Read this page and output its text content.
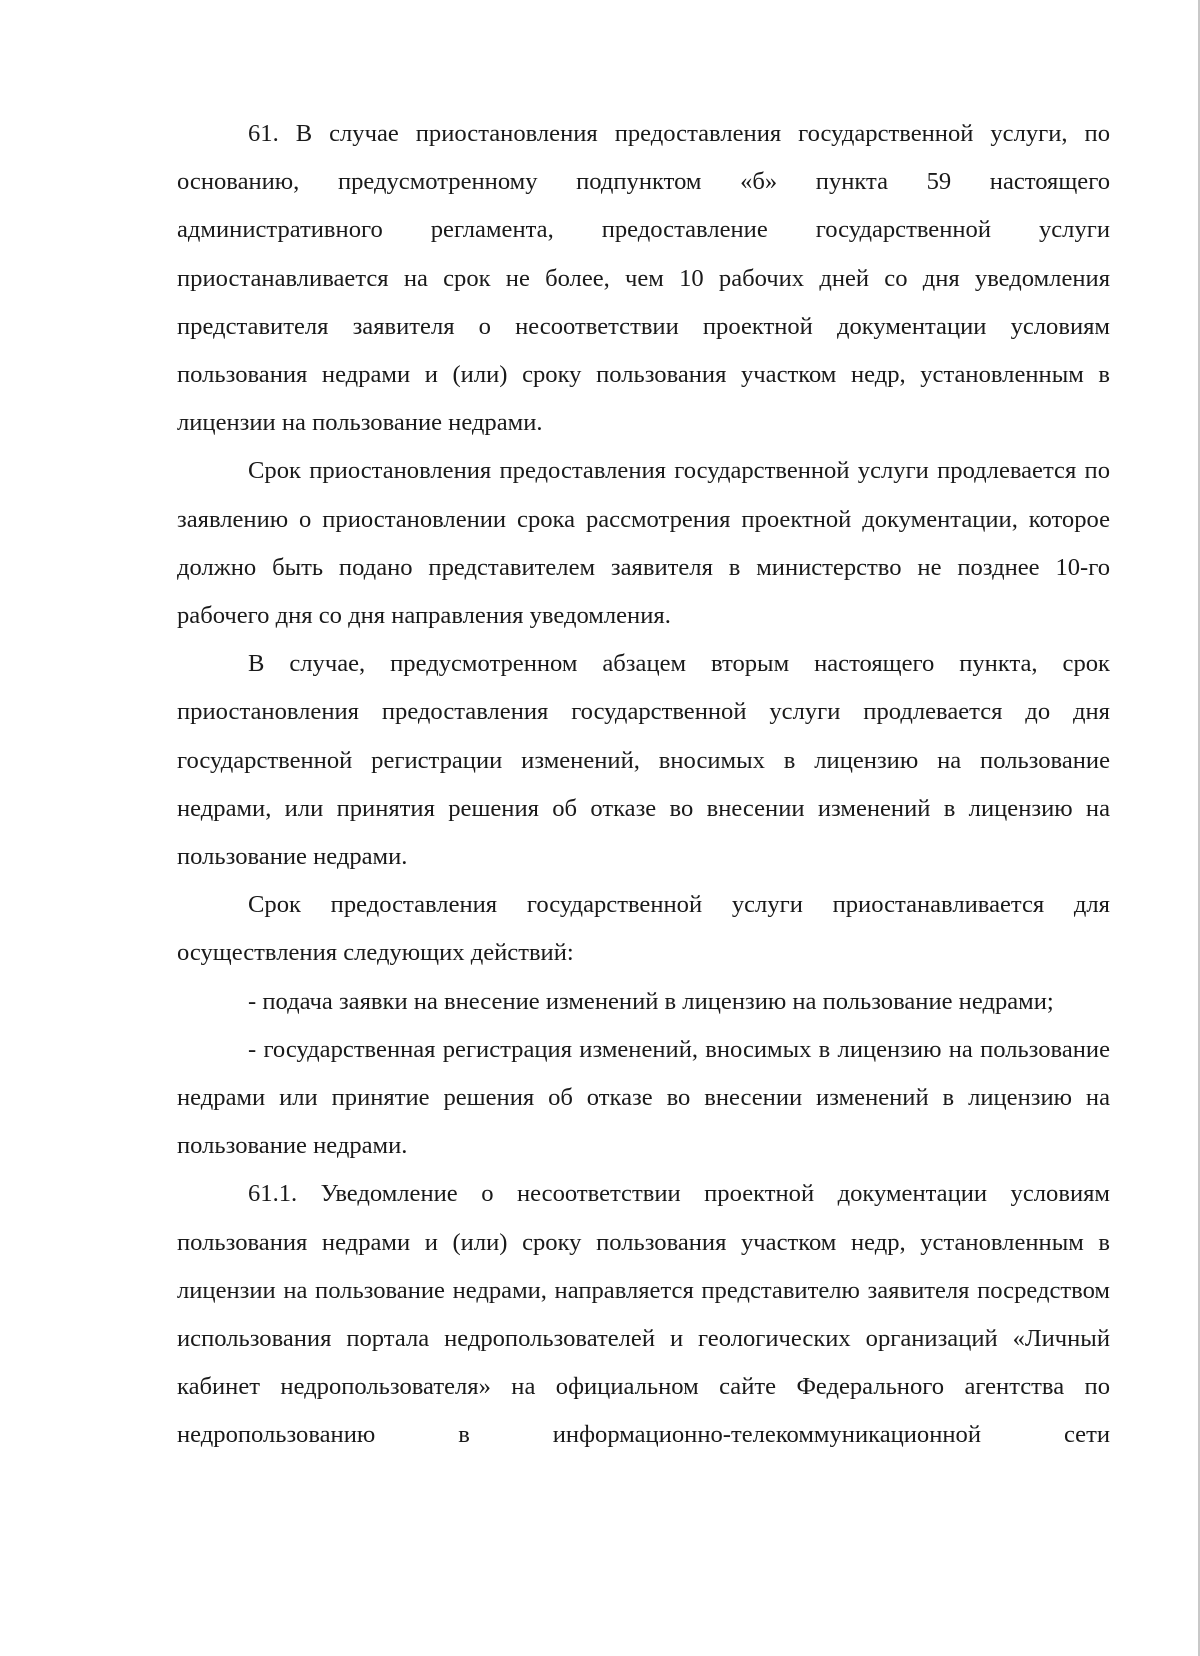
61. В случае приостановления предоставления государственной услуги, по основанию, предусмотренному подпунктом «б» пункта 59 настоящего административного регламента, предоставление государственной услуги приостанавливается на срок не более, чем 10 рабочих дней со дня уведомления представителя заявителя о несоответствии проектной документации условиям пользования недрами и (или) сроку пользования участком недр, установленным в лицензии на пользование недрами.

Срок приостановления предоставления государственной услуги продлевается по заявлению о приостановлении срока рассмотрения проектной документации, которое должно быть подано представителем заявителя в министерство не позднее 10-го рабочего дня со дня направления уведомления.

В случае, предусмотренном абзацем вторым настоящего пункта, срок приостановления предоставления государственной услуги продлевается до дня государственной регистрации изменений, вносимых в лицензию на пользование недрами, или принятия решения об отказе во внесении изменений в лицензию на пользование недрами.

Срок предоставления государственной услуги приостанавливается для осуществления следующих действий:

- подача заявки на внесение изменений в лицензию на пользование недрами;

- государственная регистрация изменений, вносимых в лицензию на пользование недрами или принятие решения об отказе во внесении изменений в лицензию на пользование недрами.

61.1. Уведомление о несоответствии проектной документации условиям пользования недрами и (или) сроку пользования участком недр, установленным в лицензии на пользование недрами, направляется представителю заявителя посредством использования портала недропользователей и геологических организаций «Личный кабинет недропользователя» на официальном сайте Федерального агентства по недропользованию в информационно-телекоммуникационной сети
